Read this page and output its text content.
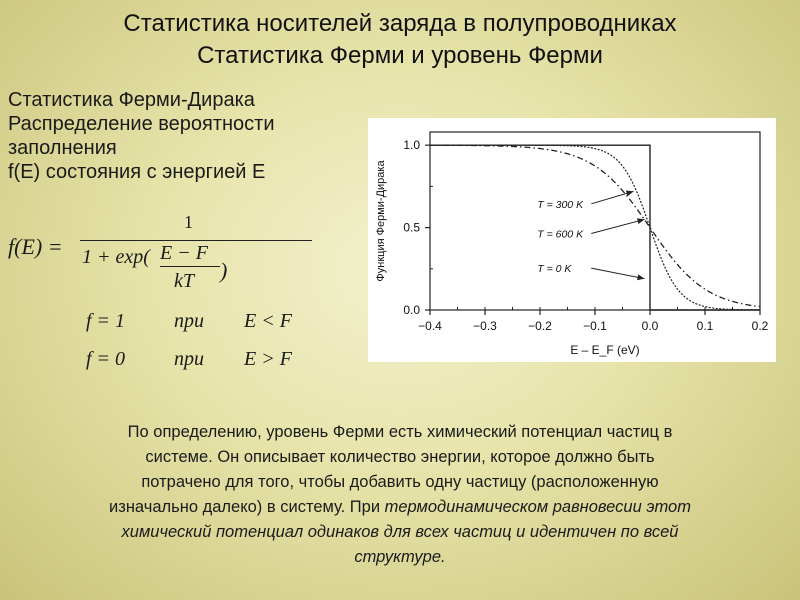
Статистика носителей заряда в полупроводниках
Статистика Ферми и уровень Ферми
Статистика Ферми-Дирака
Распределение вероятности
заполнения
f(E) состояния с энергией E
f(E) =
1
1 + exp( E − F
kT )
f = 1 при E < F
f = 0 при E > F
−0.4	−0.3	−0.2	−0.1	0.0	0.1	0.2
0.0
0.5
1.0
E – E_F (eV)
Функция Ферми-Дирака	T = 300 K
T = 600 K
T = 0 K
По определению, уровень Ферми есть химический потенциал частиц в
системе. Он описывает количество энергии, которое должно быть
потрачено для того, чтобы добавить одну частицу (расположенную
изначально далеко) в систему. При термодинамическом равновесии этот
химический потенциал одинаков для всех частиц и идентичен по всей
структуре.
